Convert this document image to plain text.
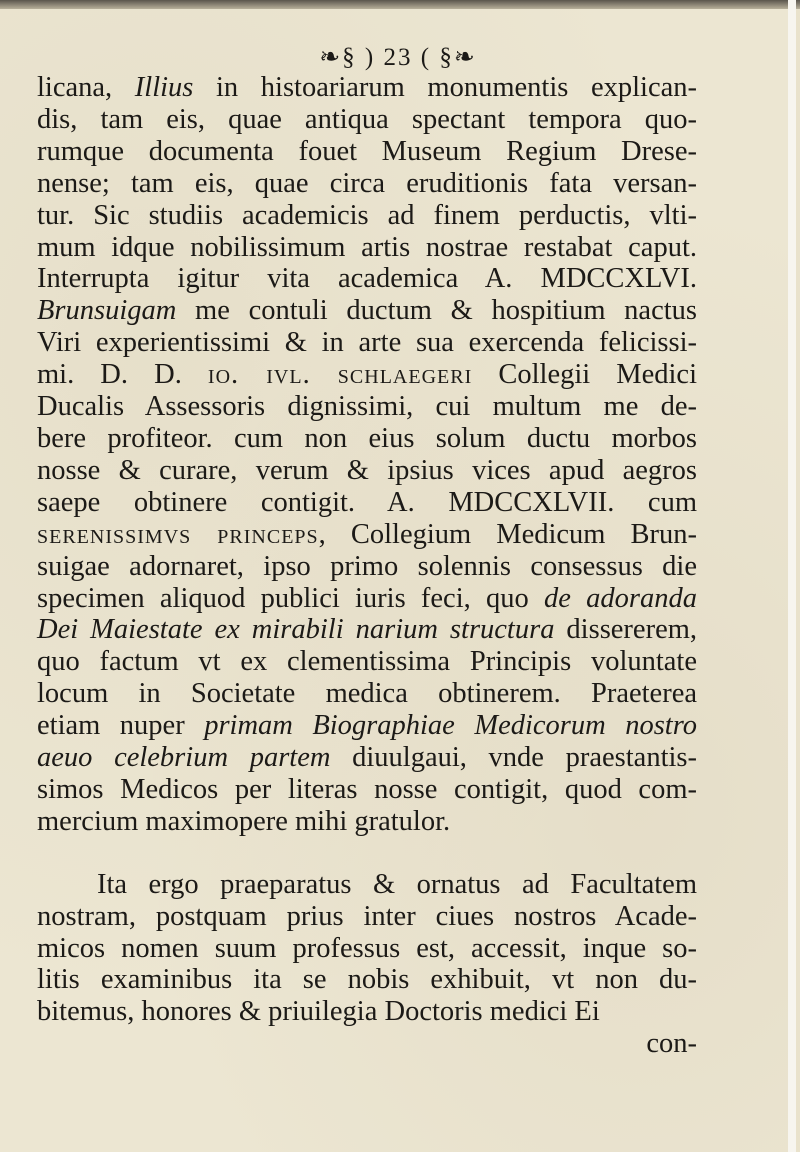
❧§ ) 23 ( §❧
licana, Illius in histoariarum monumentis explican-
dis, tam eis, quae antiqua spectant tempora quo-
rumque documenta fouet Museum Regium Drese-
nense; tam eis, quae circa eruditionis fata versan-
tur. Sic studiis academicis ad finem perductis, vlti-
mum idque nobilissimum artis nostrae restabat caput.
Interrupta igitur vita academica A. MDCCXLVI.
Brunsuigam me contuli ductum & hospitium nactus
Viri experientissimi & in arte sua exercenda felicissi-
mi. D. D. io. ivl. schlaegeri Collegii Medici
Ducalis Assessoris dignissimi, cui multum me de-
bere profiteor. cum non eius solum ductu morbos
nosse & curare, verum & ipsius vices apud aegros
saepe obtinere contigit. A. MDCCXLVII. cum
serenissimvs princeps, Collegium Medicum Brun-
suigae adornaret, ipso primo solennis consessus die
specimen aliquod publici iuris feci, quo de adoranda
Dei Maiestate ex mirabili narium structura dissererem,
quo factum vt ex clementissima Principis voluntate
locum in Societate medica obtinerem. Praeterea
etiam nuper primam Biographiae Medicorum nostro
aeuo celebrium partem diuulgaui, vnde praestantis-
simos Medicos per literas nosse contigit, quod com-
mercium maximopere mihi gratulor.
Ita ergo praeparatus & ornatus ad Facultatem
nostram, postquam prius inter ciues nostros Acade-
micos nomen suum professus est, accessit, inque so-
litis examinibus ita se nobis exhibuit, vt non du-
bitemus, honores & priuilegia Doctoris medici Ei
con-
